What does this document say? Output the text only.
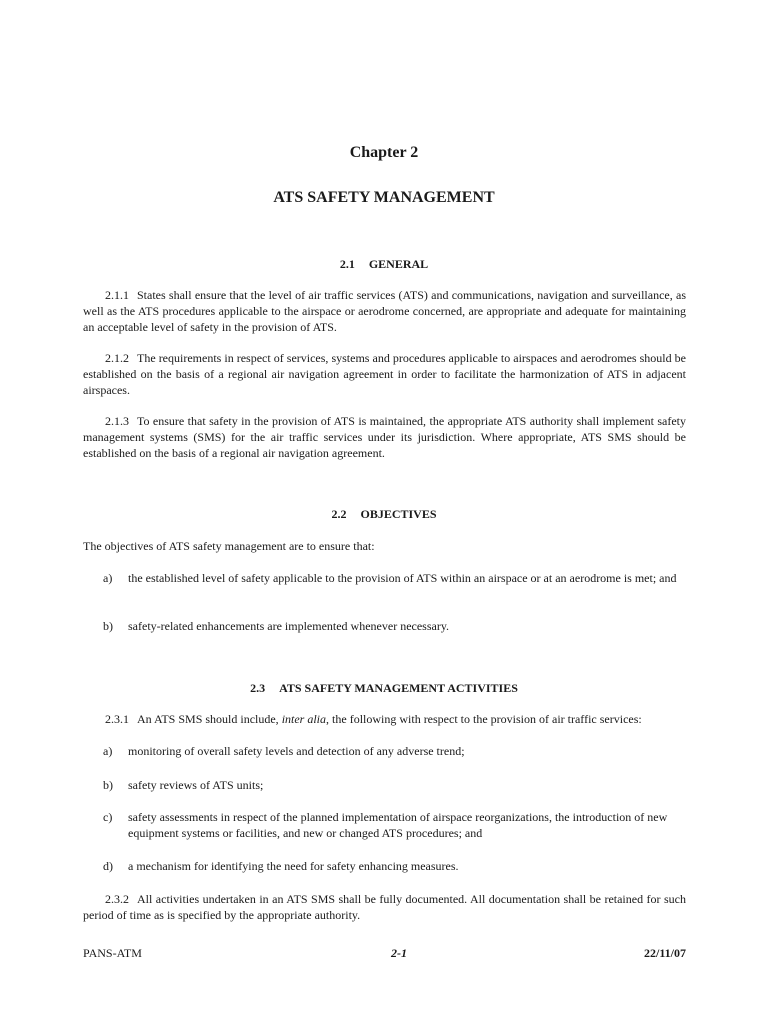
Chapter 2
ATS SAFETY MANAGEMENT
2.1 GENERAL

2.1.1 States shall ensure that the level of air traffic services (ATS) and communications, navigation and surveillance, as well as the ATS procedures applicable to the airspace or aerodrome concerned, are appropriate and adequate for maintaining an acceptable level of safety in the provision of ATS.

2.1.2 The requirements in respect of services, systems and procedures applicable to airspaces and aerodromes should be established on the basis of a regional air navigation agreement in order to facilitate the harmonization of ATS in adjacent airspaces.

2.1.3 To ensure that safety in the provision of ATS is maintained, the appropriate ATS authority shall implement safety management systems (SMS) for the air traffic services under its jurisdiction. Where appropriate, ATS SMS should be established on the basis of a regional air navigation agreement.

2.2 OBJECTIVES

The objectives of ATS safety management are to ensure that:

a) the established level of safety applicable to the provision of ATS within an airspace or at an aerodrome is met; and
b) safety-related enhancements are implemented whenever necessary.
2.3 ATS SAFETY MANAGEMENT ACTIVITIES

2.3.1 An ATS SMS should include, inter alia, the following with respect to the provision of air traffic services:

a) monitoring of overall safety levels and detection of any adverse trend;
b) safety reviews of ATS units;
c) safety assessments in respect of the planned implementation of airspace reorganizations, the introduction of new equipment systems or facilities, and new or changed ATS procedures; and
d) a mechanism for identifying the need for safety enhancing measures.

2.3.2 All activities undertaken in an ATS SMS shall be fully documented. All documentation shall be retained for such period of time as is specified by the appropriate authority.

PANS-ATM	2-1	22/11/07
